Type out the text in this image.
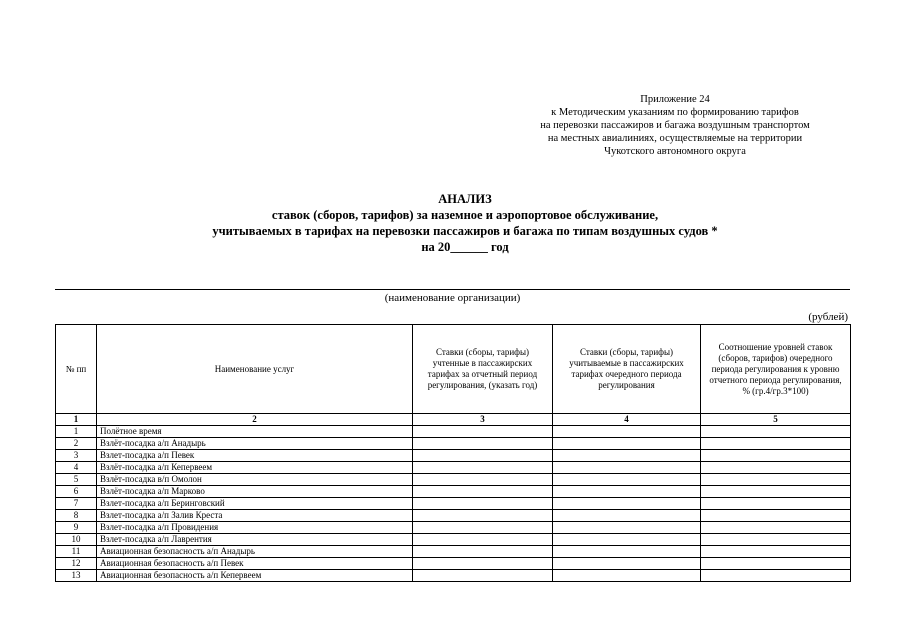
Приложение 24
к Методическим указаниям по формированию тарифов
на перевозки пассажиров и багажа воздушным транспортом
на местных авиалиниях, осуществляемые на территории
Чукотского автономного округа
АНАЛИЗ
ставок (сборов, тарифов) за наземное и аэропортовое обслуживание,
учитываемых в тарифах на перевозки пассажиров и багажа по типам воздушных судов *
на 20______ год
(наименование организации)
(рублей)
№ пп	Наименование услуг	Ставки (сборы, тарифы) учтенные в пассажирских тарифах за отчетный период регулирования, (указать год)	Ставки (сборы, тарифы) учитываемые в пассажирских тарифах очередного периода регулирования	Соотношение уровней ставок (сборов, тарифов) очередного периода регулирования к уровню отчетного периода регулирования, % (гр.4/гр.3*100)
1	2	3	4	5
1	Полётное время			
2	Взлёт-посадка а/п Анадырь			
3	Взлет-посадка а/п Певек			
4	Взлёт-посадка а/п Кепервеем			
5	Взлёт-посадка в/п Омолон			
6	Взлёт-посадка а/п Марково			
7	Взлет-посадка а/п Беринговский			
8	Взлет-посадка а/п Залив Креста			
9	Взлет-посадка а/п Провидения			
10	Взлет-посадка а/п Лаврентия			
11	Авиационная безопасность а/п Анадырь			
12	Авиационная безопасность а/п Певек			
13	Авиационная безопасность а/п Кепервеем			
